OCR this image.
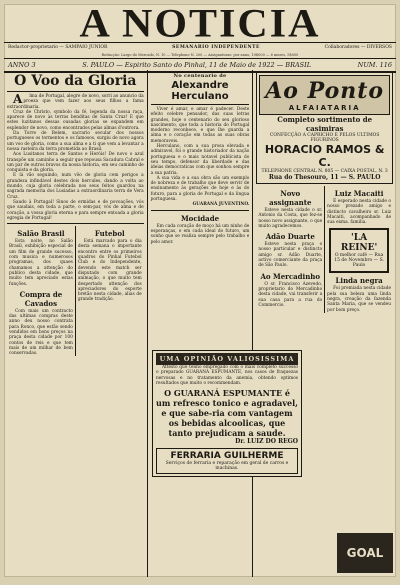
A NOTICIA
Redactor-proprietario — SAMPAIO JUNIOR	SEMANARIO INDEPENDENTE	Collaboradores — DIVERSOS
Redacção: Largo do Mercado, N. 10 — Telephone N. 200 — Assignaturas: por anno, 10$000 — 6 mezes, 5$000
ANNO 3	S. PAULO — Espirito Santo do Pinhal, 11 de Maio de 1922 — BRASIL	NUM. 116
O Voo da Gloria

A lma de Portugal, alegre de novo, sorri ao anuncio da proeza que vem fazer aos seus filhos a fama extraordinaria.

Cruz de Christo, symbolo da fé, legenda da nossa raça, aparece de novo às terras benditas de Santa Cruz! E que estes luzitanos dessas ousadas glorias se expandem em esplendor de novo, como encontrados pelas almas d'outrora.

Da Torre de Belem, sacrario secular dos nossos portugueses os tormentos e os famosos, surgiu de novo agora um voo de gloria, como a sua alma e a ti que vem a levantar a nossa rasteira da terra prometida ao Brasil.

Aos Lusitanos terra de Santos e Heróis! De novo o azul transpõe um caminho a seguir que repousa Sacadura Cabral e um par de outros bravos da nossa historia, em seu caminho de conquista e da gloria.

E lá vão seguindo, num vôo de gloria cem perigos a grandeza infindável destes dois hercules, dando a volta ao mundo, cuja gloria celebrada nos seus feitos guardou na sagrada memoria dos Lusiadas a extraordinaria terra de Vera Cruz.

Saudo à Portugal! Sinos de ermidas e de povoações, vós que saudais, em toda a parte, o sem-par, vós de alma e de coração, a vossa gloria eterna e para sempre entoada a gloria egregia de Portugal!

Salão Brasil

Esta noite, no Salão Brasil, exhibição especial de um film de grande sucesso, com musica e numerosos programas, dos quaes chamamos a attenção do publico desta cidade, que muito tem apreciado estas funções.

Compra de Cavados

Com mais um contracto das ultimas compras deste anno deu nosso contrata para Ronco, que estão sendo vendidos em bons preços na praça desta cidade por 100 contos de reis e que tem mais de um milhar de bem conservadas.

Futebol

Está marcado para o dia desta semana o importante encontro entre os primeiros quadros do Pinhal Futebol Club e do Independente, devendo este match ser disputado com grande animação, o que muito tem despertado attenção dos apreciadores do esporte bretão nesta cidade, alias de grande tradição.

No centenario de
Alexandre Herculano

Viver é amar, e amar é padecer. Deste efeito celebre pensador, das suas letras grandes, hoje o centenario do seu glorioso nascimento, que toda a historia do Portugal moderno reconhece, e que lhe guarda a alma e o coração em todas as suas obras memoraveis.

Herculano, com a sua prosa elevada e admiravel, foi o grande historiador da nação portuguesa e o mais notavel publicista do seu tempo, defensor da liberdade e das ideias democraticas com que sonhou sempre a sua patria.

A sua vida e a sua obra são um exemplo de nobreza e de trabalho que deve servir de ensinamento às gerações de hoje e às do futuro, para a gloria de Portugal e da lingua portuguesa.

GUARANÁ JUVENTINO.

Mocidade

Em cada coração de moço há um ninho de esperanças, e em cada ideal do futuro, um sonho que se realiza sempre pelo trabalho e pelo amor.

Ao Ponto
ALFAIATARIA
Completo sortimento de casimiras
CONFECÇÃO A CAPRICHO E PELOS ULTIMOS FIGURINOS
HORACIO RAMOS & C.
TELEPHONE CENTRAL N. 805 — CAIXA POSTAL, N. 3
Rua do Thesouro, 11 — S. PAULO
Novo assignante

Esteve nesta cidade o sr. Antonio da Costa, que fez-se nosso novo assignante, o que muito agradecemos.

Adão Duarte

Esteve nesta praça o nosso particular e distincto amigo sr. Adão Duarte, activo comerciante da praça de São Paulo.

Ao Mercadinho

O sr. Francisco Azevedo, proprietario do Mercadinho desta cidade, vai transferir a sua casa para a rua do Commercio.

Luiz Macaiti

É esperado nesta cidade o nosso prezado amigo e distincto cavalheiro sr. Luiz Macaiti, acompanhado de sua exma. familia.

'LA REINE'
O melhor café — Rua 15 de Novembro — S. Paulo
Linda negra

Foi premiada nesta cidade pela sua beleza uma linda negra, creação da fazenda Santa Maria, que se vendeu por bom preço.

UMA OPINIÃO VALIOSISSIMA

Attesto que tenho empregado com o mais completo successo o preparado GUARANÁ ESPUMANTE, nos casos de fraquezas nervosas e no tratamento da anemia, obtendo optimos resultados que muito o recommendam.

O GUARANÁ ESPUMANTE é um refresco tonico e agradavel, e que sabe-ria com vantagem os bebidas alcoolicas, que tanto prejudicam a saude.
Dr. LUIZ DO REGO
FERRARIA GUILHERME
Serviços de ferraria e reparação em geral de carros e machinas.
GOAL
